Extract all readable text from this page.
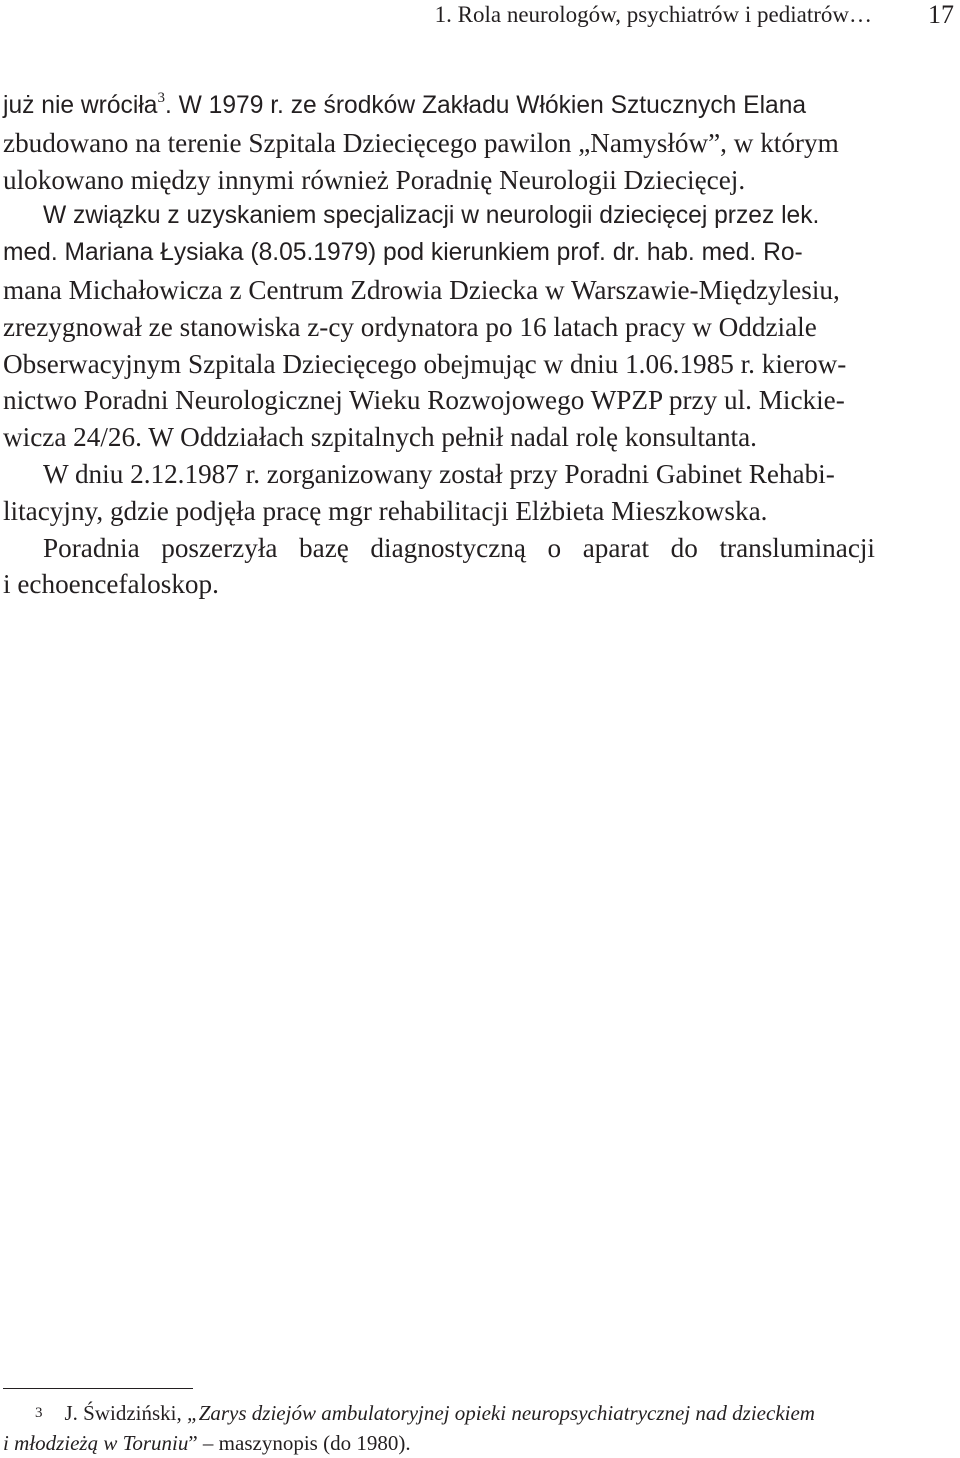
1. Rola neurologów, psychiatrów i pediatrów… 17
już nie wróciła$^3$. W 1979 r. ze środków Zakładu Włókien Sztucznych Elana
zbudowano na terenie Szpitala Dziecięcego pawilon „Namysłów”, w którym
ulokowano między innymi również Poradnię Neurologii Dziecięcej.
W związku z uzyskaniem specjalizacji w neurologii dziecięcej przez lek.
med. Mariana Łysiaka (8.05.1979) pod kierunkiem prof. dr. hab. med. Ro-
mana Michałowicza z Centrum Zdrowia Dziecka w Warszawie-Międzylesiu,
zrezygnował ze stanowiska z-cy ordynatora po 16 latach pracy w Oddziale
Obserwacyjnym Szpitala Dziecięcego obejmując w dniu 1.06.1985 r. kierow-
nictwo Poradni Neurologicznej Wieku Rozwojowego WPZP przy ul. Mickie-
wicza 24/26. W Oddziałach szpitalnych pełnił nadal rolę konsultanta.
W dniu 2.12.1987 r. zorganizowany został przy Poradni Gabinet Rehabi-
litacyjny, gdzie podjęła pracę mgr rehabilitacji Elżbieta Mieszkowska.
Poradnia poszerzyła bazę diagnostyczną o aparat do transluminacji
i echoencefaloskop.
$^3$ J. Świdziński, „Zarys dziejów ambulatoryjnej opieki neuropsychiatrycznej nad dzieckiem
i młodzieżą w Toruniu” – maszynopis (do 1980).
